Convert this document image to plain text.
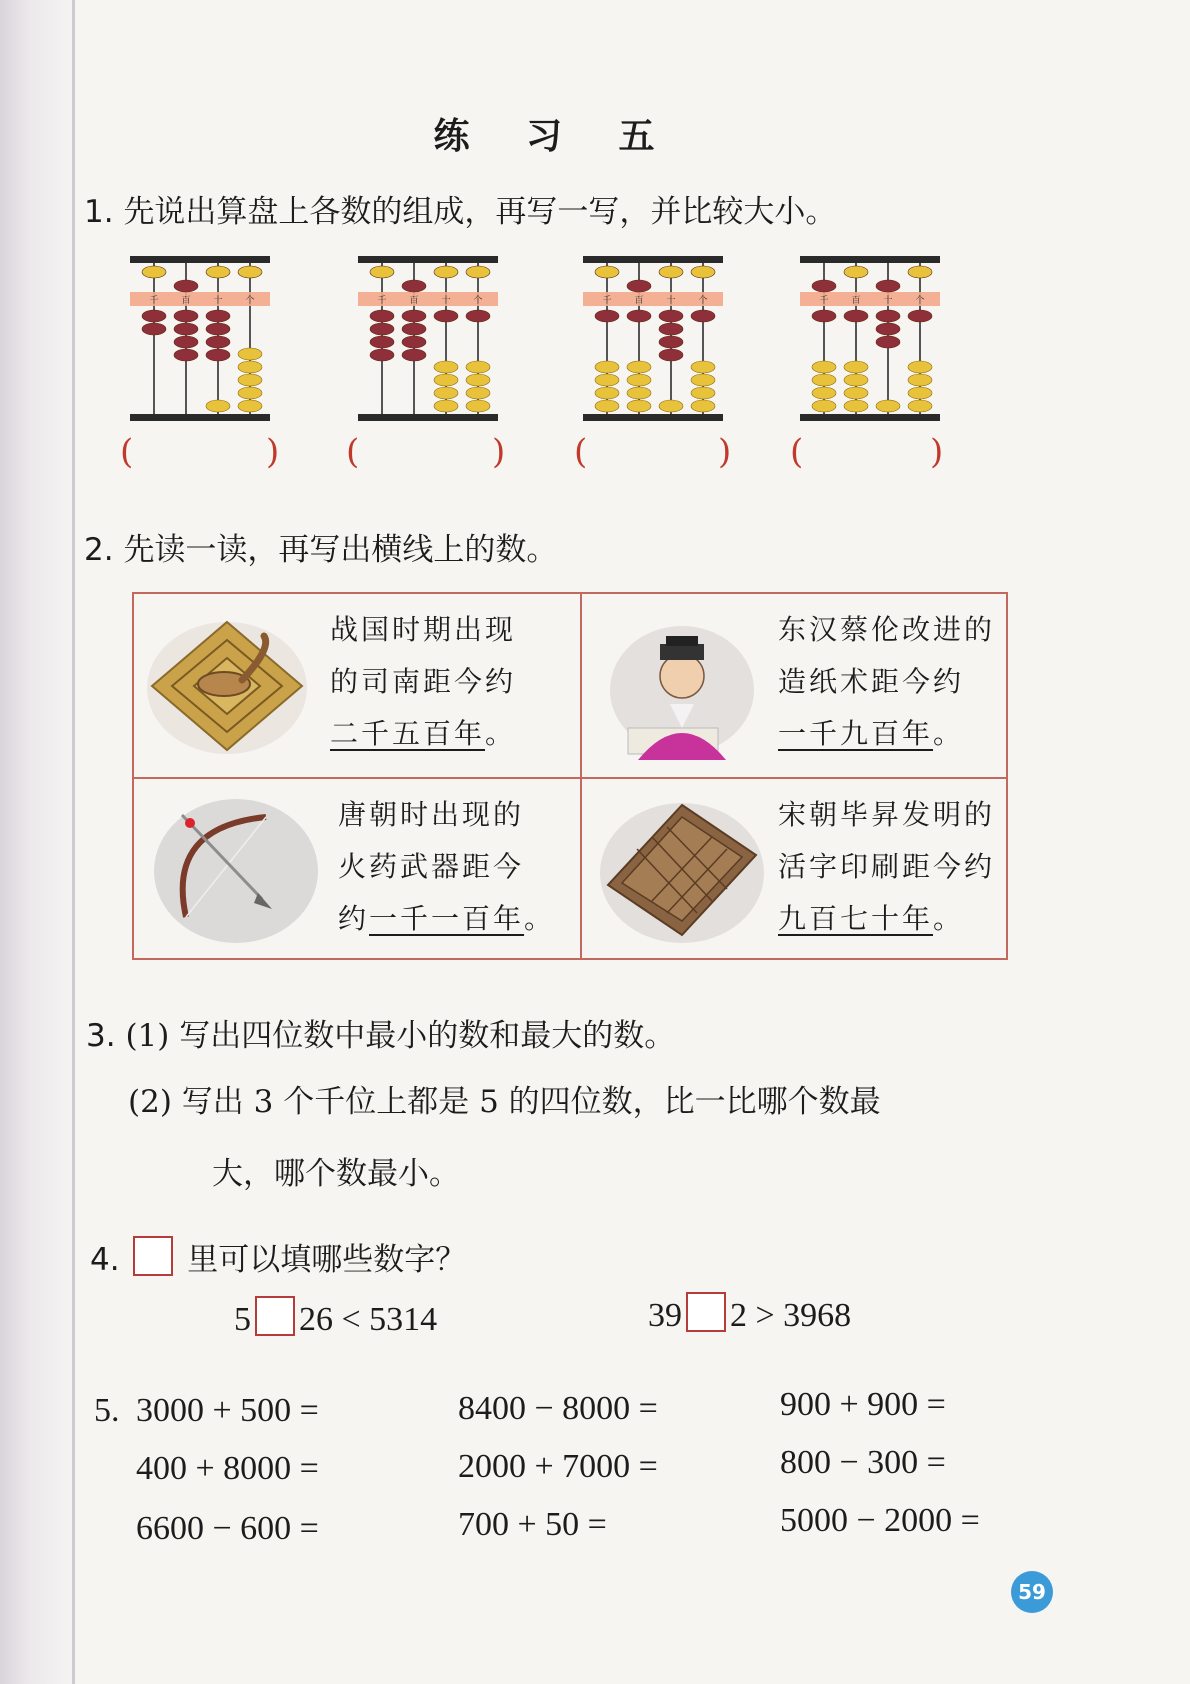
练 习 五
1. 先说出算盘上各数的组成，再写一写，并比较大小。
千	百	十	个	千	百	十	个	千	百	十	个	千	百	十	个
(	) (	) (	) (	)
2. 先读一读，再写出横线上的数。
战国时期出现
的司南距今约
二千五百年。
东汉蔡伦改进的
造纸术距今约
一千九百年。
唐朝时出现的
火药武器距今
约一千一百年。
宋朝毕昇发明的
活字印刷距今约
九百七十年。
3. (1) 写出四位数中最小的数和最大的数。
(2) 写出 3 个千位上都是 5 的四位数，比一比哪个数最
大，哪个数最小。
4. 里可以填哪些数字？
5 26 < 5314	39 2 > 3968
5. 3000 + 500 =	8400 − 8000 =	900 + 900 =
400 + 8000 =	2000 + 7000 =	800 − 300 =
6600 − 600 =	700 + 50 =	5000 − 2000 =
59
